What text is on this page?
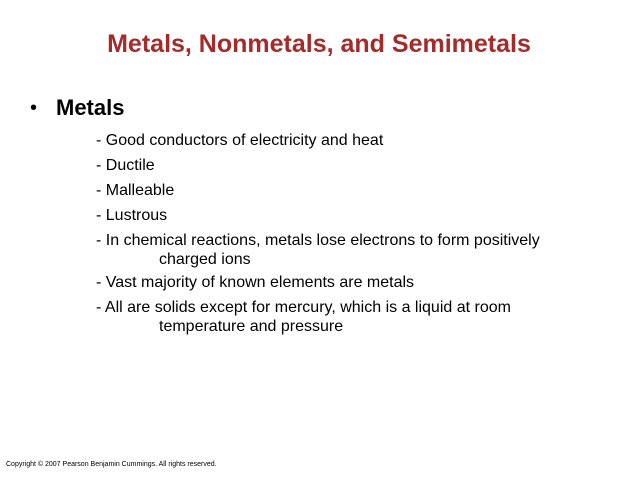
Metals, Nonmetals, and Semimetals
• Metals
- Good conductors of electricity and heat
- Ductile
- Malleable
- Lustrous
- In chemical reactions, metals lose electrons to form positively
charged ions
- Vast majority of known elements are metals
- All are solids except for mercury, which is a liquid at room
temperature and pressure
Copyright © 2007 Pearson Benjamin Cummings. All rights reserved.
